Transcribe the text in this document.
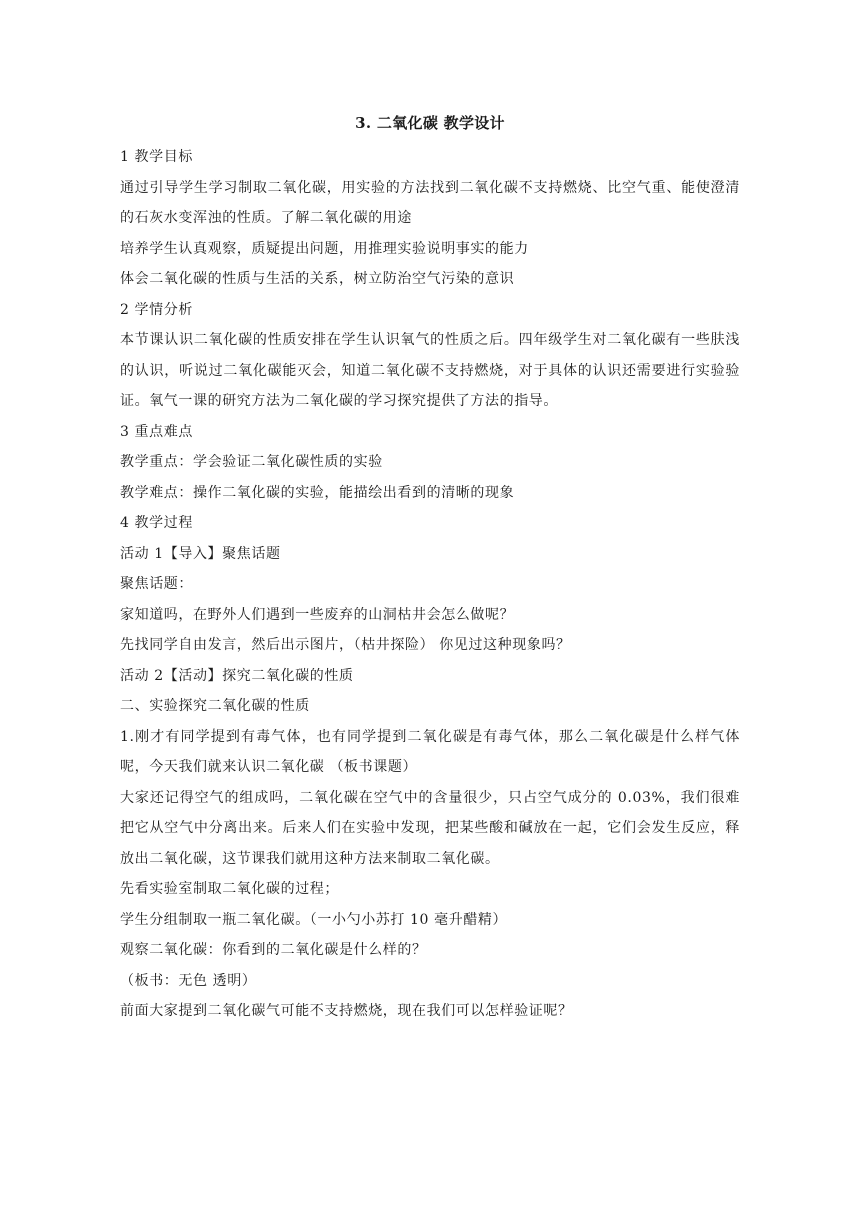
3. 二氧化碳 教学设计

1 教学目标

通过引导学生学习制取二氧化碳，用实验的方法找到二氧化碳不支持燃烧、比空气重、能使澄清的石灰水变浑浊的性质。了解二氧化碳的用途

培养学生认真观察，质疑提出问题，用推理实验说明事实的能力

体会二氧化碳的性质与生活的关系，树立防治空气污染的意识

2 学情分析

本节课认识二氧化碳的性质安排在学生认识氧气的性质之后。四年级学生对二氧化碳有一些肤浅的认识，听说过二氧化碳能灭会，知道二氧化碳不支持燃烧，对于具体的认识还需要进行实验验证。氧气一课的研究方法为二氧化碳的学习探究提供了方法的指导。

3 重点难点

教学重点：学会验证二氧化碳性质的实验

教学难点：操作二氧化碳的实验，能描绘出看到的清晰的现象

4 教学过程

活动 1【导入】聚焦话题

聚焦话题：

家知道吗，在野外人们遇到一些废弃的山洞枯井会怎么做呢？

先找同学自由发言，然后出示图片，（枯井探险） 你见过这种现象吗？

活动 2【活动】探究二氧化碳的性质

二、实验探究二氧化碳的性质

1.刚才有同学提到有毒气体，也有同学提到二氧化碳是有毒气体，那么二氧化碳是什么样气体呢，今天我们就来认识二氧化碳 （板书课题）

大家还记得空气的组成吗，二氧化碳在空气中的含量很少，只占空气成分的 0.03%，我们很难把它从空气中分离出来。后来人们在实验中发现，把某些酸和碱放在一起，它们会发生反应，释放出二氧化碳，这节课我们就用这种方法来制取二氧化碳。

先看实验室制取二氧化碳的过程；

学生分组制取一瓶二氧化碳。（一小勺小苏打 10 毫升醋精）

观察二氧化碳：你看到的二氧化碳是什么样的？

（板书：无色 透明）

前面大家提到二氧化碳气可能不支持燃烧，现在我们可以怎样验证呢？
